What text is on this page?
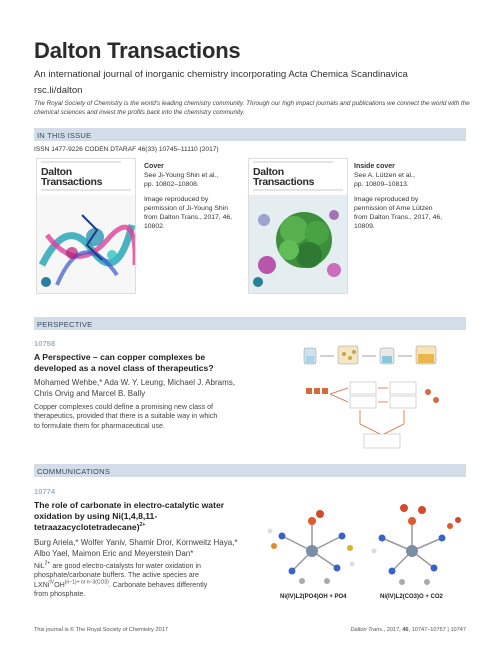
Dalton Transactions
An international journal of inorganic chemistry incorporating Acta Chemica Scandinavica
rsc.li/dalton
The Royal Society of Chemistry is the world's leading chemistry community. Through our high impact journals and publications we connect the world with the chemical sciences and invest the profits back into the chemistry community.
IN THIS ISSUE
ISSN 1477-9226 CODEN DTARAF 46(33) 10745–11110 (2017)
Dalton
Transactions
Cover
See Ji-Young Shin et al.,
pp. 10802–10808.
Image reproduced by
permission of Ji-Young Shin
from Dalton Trans., 2017, 46,
10802.
Dalton
Transactions
Inside cover
See A. Lützen et al.,
pp. 10809–10813.
Image reproduced by
permission of Arne Lützen
from Dalton Trans., 2017, 46,
10809.
PERSPECTIVE
10758
A Perspective – can copper complexes be
developed as a novel class of therapeutics?
Mohamed Wehbe,* Ada W. Y. Leung, Michael J. Abrams,
Chris Orvig and Marcel B. Bally
Copper complexes could define a promising new class of
therapeutics, provided that there is a suitable way in which
to formulate them for pharmaceutical use.
COMMUNICATIONS
10774
The role of carbonate in electro-catalytic water
oxidation by using Ni(1,4,8,11-
tetraazacyclotetradecane)$^{2+}$
Burg Ariela,* Wolfer Yaniv, Shamir Dror, Kornweitz Haya,*
Albo Yael, Maimon Eric and Meyerstein Dan*
NiL$^{2+}$ are good electro-catalysts for water oxidation in
phosphate/carbonate buffers. The active species are
$LXNi^{IV}OH^{(n-1)+ or n-3(CO3)}$. Carbonate behaves differently
from phosphate.	Ni(IV)L2(PO4)OH + PO4	Ni(IV)L2(CO3)O + CO2
This journal is © The Royal Society of Chemistry 2017	Dalton Trans., 2017, 46, 10747–10757 | 10747
